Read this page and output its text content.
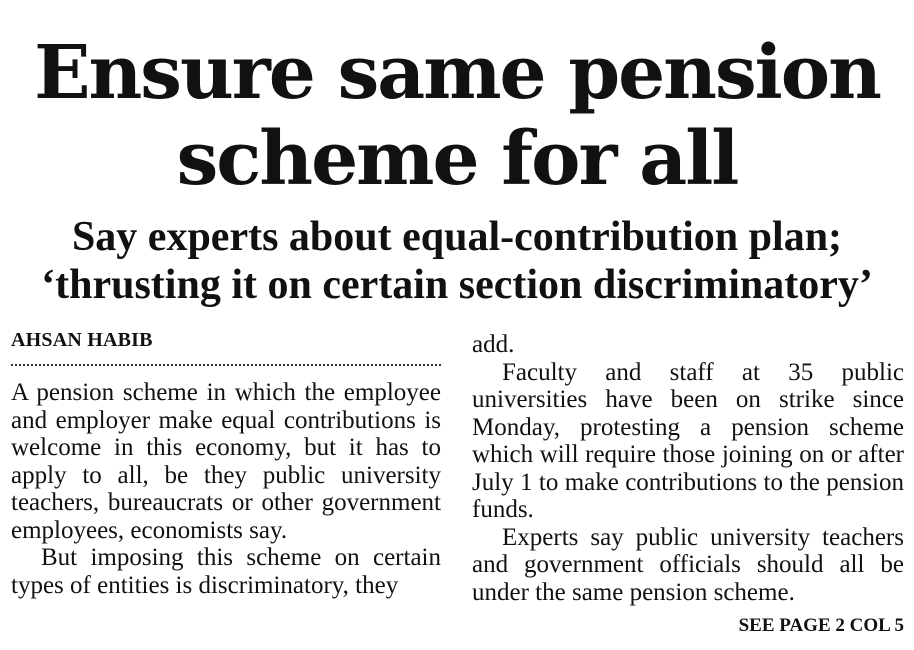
Ensure same pension
scheme for all
Say experts about equal-contribution plan;
‘thrusting it on certain section discriminatory’
AHSAN HABIB

A pension scheme in which the employee and employer make equal contributions is welcome in this economy, but it has to apply to all, be they public university teachers, bureaucrats or other government employees, economists say.

But imposing this scheme on certain types of entities is discriminatory, they

add.

Faculty and staff at 35 public universities have been on strike since Monday, protesting a pension scheme which will require those joining on or after July 1 to make contributions to the pension funds.

Experts say public university teachers and government officials should all be under the same pension scheme.

SEE PAGE 2 COL 5
